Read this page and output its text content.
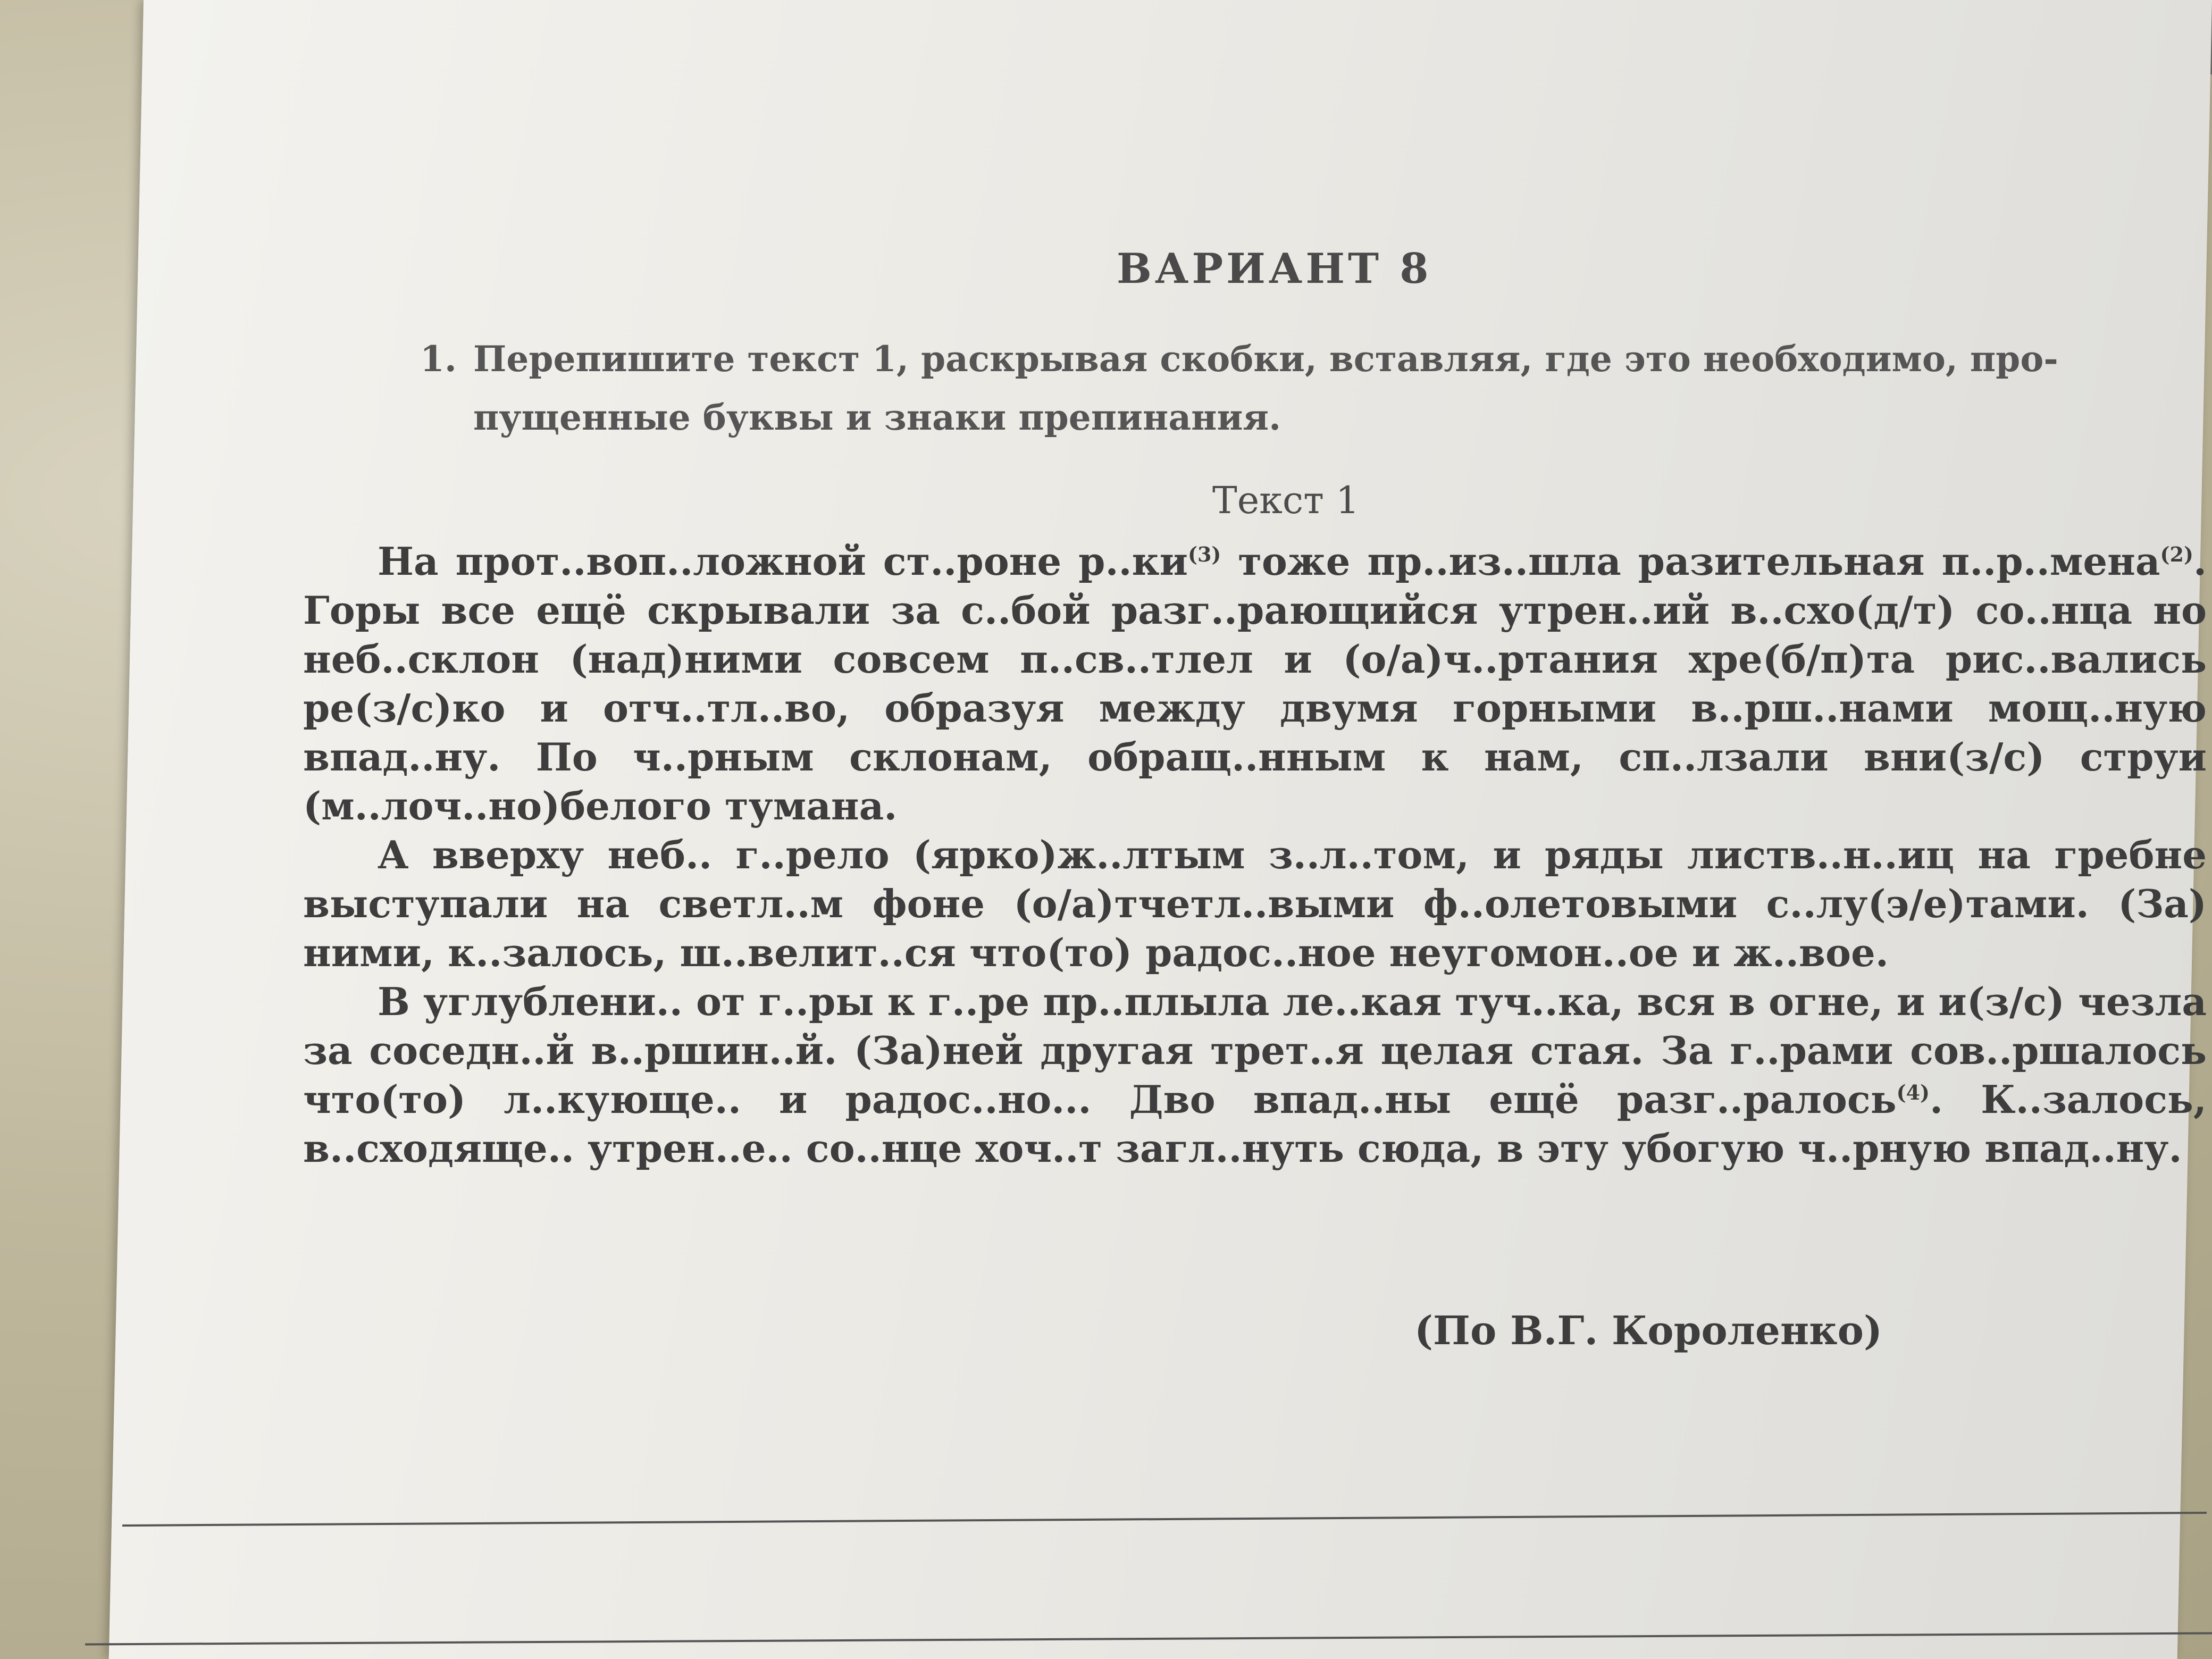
ВАРИАНТ 8
1. Перепишите текст 1, раскрывая скобки, вставляя, где это необходимо, про-
пущенные буквы и знаки препинания.
Текст 1

На прот..воп..ложной ст..роне $р..ки^{(3)}$ тоже пр..из..шла разительная п..р..мена$^{(2)}$. Горы все ещё скрывали за с..бой разг..рающийся утрен..ий в..схо(д/т) со..нца но неб..склон (над)ними совсем п..св..тлел и (о/а)ч..ртания хре(б/п)та рис..вались ре(з/с)ко и отч..тл..во, образуя между двумя горными в..рш..нами мощ..ную впад..ну. По ч..рным склонам, обращ..нным к нам, сп..лзали вни(з/с) струи (м..лоч..но)белого тумана.

А вверху неб.. г..рело (ярко)ж..лтым з..л..том, и ряды листв..н..иц на гребне выступали на светл..м фоне (о/а)тчетл..выми ф..олетовыми с..лу(э/е)тами. (За) ними, к..залось, ш..велит..ся что(то) радос..ное неугомон..ое и ж..вое.

В углублени.. от г..ры к г..ре пр..плыла ле..кая туч..ка, вся в огне, и и(з/с) чезла за соседн..й в..ршин..й. (За)ней другая трет..я целая стая. За г..рами сов..ршалось что(то) л..кующе.. и радос..но... Дво впад..ны ещё разг..ралось$^{(4)}$. К..залось, в..сходяще.. утрен..е.. со..нце хоч..т загл..нуть сюда, в эту убогую ч..рную впад..ну.

(По В.Г. Короленко)
